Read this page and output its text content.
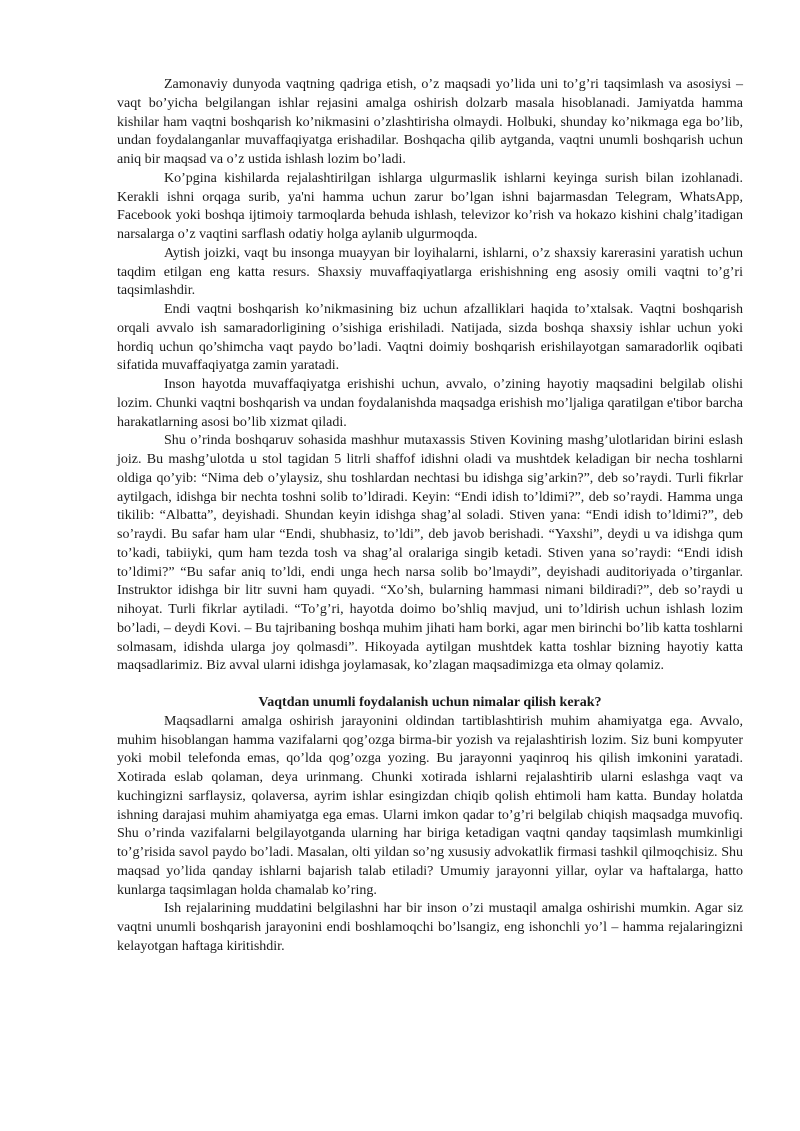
Zamonaviy dunyoda vaqtning qadriga etish, o’z maqsadi yo’lida uni to’g’ri taqsimlash va asosiysi – vaqt bo’yicha belgilangan ishlar rejasini amalga oshirish dolzarb masala hisoblanadi. Jamiyatda hamma kishilar ham vaqtni boshqarish ko’nikmasini o’zlashtirisha olmaydi. Holbuki, shunday ko’nikmaga ega bo’lib, undan foydalanganlar muvaffaqiyatga erishadilar. Boshqacha qilib aytganda, vaqtni unumli boshqarish uchun aniq bir maqsad va o’z ustida ishlash lozim bo’ladi.

Ko’pgina kishilarda rejalashtirilgan ishlarga ulgurmaslik ishlarni keyinga surish bilan izohlanadi. Kerakli ishni orqaga surib, ya'ni hamma uchun zarur bo’lgan ishni bajarmasdan Telegram, WhatsApp, Facebook yoki boshqa ijtimoiy tarmoqlarda behuda ishlash, televizor ko’rish va hokazo kishini chalg’itadigan narsalarga o’z vaqtini sarflash odatiy holga aylanib ulgurmoqda.

Aytish joizki, vaqt bu insonga muayyan bir loyihalarni, ishlarni, o’z shaxsiy karerasini yaratish uchun taqdim etilgan eng katta resurs. Shaxsiy muvaffaqiyatlarga erishishning eng asosiy omili vaqtni to’g’ri taqsimlashdir.

Endi vaqtni boshqarish ko’nikmasining biz uchun afzalliklari haqida to’xtalsak. Vaqtni boshqarish orqali avvalo ish samaradorligining o’sishiga erishiladi. Natijada, sizda boshqa shaxsiy ishlar uchun yoki hordiq uchun qo’shimcha vaqt paydo bo’ladi. Vaqtni doimiy boshqarish erishilayotgan samaradorlik oqibati sifatida muvaffaqiyatga zamin yaratadi.

Inson hayotda muvaffaqiyatga erishishi uchun, avvalo, o’zining hayotiy maqsadini belgilab olishi lozim. Chunki vaqtni boshqarish va undan foydalanishda maqsadga erishish mo’ljaliga qaratilgan e'tibor barcha harakatlarning asosi bo’lib xizmat qiladi.

Shu o’rinda boshqaruv sohasida mashhur mutaxassis Stiven Kovining mashg’ulotlaridan birini eslash joiz. Bu mashg’ulotda u stol tagidan 5 litrli shaffof idishni oladi va mushtdek keladigan bir necha toshlarni oldiga qo’yib: “Nima deb o’ylaysiz, shu toshlardan nechtasi bu idishga sig’arkin?”, deb so’raydi. Turli fikrlar aytilgach, idishga bir nechta toshni solib to’ldiradi. Keyin: “Endi idish to’ldimi?”, deb so’raydi. Hamma unga tikilib: “Albatta”, deyishadi. Shundan keyin idishga shag’al soladi. Stiven yana: “Endi idish to’ldimi?”, deb so’raydi. Bu safar ham ular “Endi, shubhasiz, to’ldi”, deb javob berishadi. “Yaxshi”, deydi u va idishga qum to’kadi, tabiiyki, qum ham tezda tosh va shag’al oralariga singib ketadi. Stiven yana so’raydi: “Endi idish to’ldimi?” “Bu safar aniq to’ldi, endi unga hech narsa solib bo’lmaydi”, deyishadi auditoriyada o’tirganlar. Instruktor idishga bir litr suvni ham quyadi. “Xo’sh, bularning hammasi nimani bildiradi?”, deb so’raydi u nihoyat. Turli fikrlar aytiladi. “To’g’ri, hayotda doimo bo’shliq mavjud, uni to’ldirish uchun ishlash lozim bo’ladi, – deydi Kovi. – Bu tajribaning boshqa muhim jihati ham borki, agar men birinchi bo’lib katta toshlarni solmasam, idishda ularga joy qolmasdi”. Hikoyada aytilgan mushtdek katta toshlar bizning hayotiy katta maqsadlarimiz. Biz avval ularni idishga joylamasak, ko’zlagan maqsadimizga eta olmay qolamiz.

Vaqtdan unumli foydalanish uchun nimalar qilish kerak?

Maqsadlarni amalga oshirish jarayonini oldindan tartiblashtirish muhim ahamiyatga ega. Avvalo, muhim hisoblangan hamma vazifalarni qog’ozga birma-bir yozish va rejalashtirish lozim. Siz buni kompyuter yoki mobil telefonda emas, qo’lda qog’ozga yozing. Bu jarayonni yaqinroq his qilish imkonini yaratadi. Xotirada eslab qolaman, deya urinmang. Chunki xotirada ishlarni rejalashtirib ularni eslashga vaqt va kuchingizni sarflaysiz, qolaversa, ayrim ishlar esingizdan chiqib qolish ehtimoli ham katta. Bunday holatda ishning darajasi muhim ahamiyatga ega emas. Ularni imkon qadar to’g’ri belgilab chiqish maqsadga muvofiq. Shu o’rinda vazifalarni belgilayotganda ularning har biriga ketadigan vaqtni qanday taqsimlash mumkinligi to’g’risida savol paydo bo’ladi. Masalan, olti yildan so’ng xususiy advokatlik firmasi tashkil qilmoqchisiz. Shu maqsad yo’lida qanday ishlarni bajarish talab etiladi? Umumiy jarayonni yillar, oylar va haftalarga, hatto kunlarga taqsimlagan holda chamalab ko’ring.

Ish rejalarining muddatini belgilashni har bir inson o’zi mustaqil amalga oshirishi mumkin. Agar siz vaqtni unumli boshqarish jarayonini endi boshlamoqchi bo’lsangiz, eng ishonchli yo’l – hamma rejalaringizni kelayotgan haftaga kiritishdir.
